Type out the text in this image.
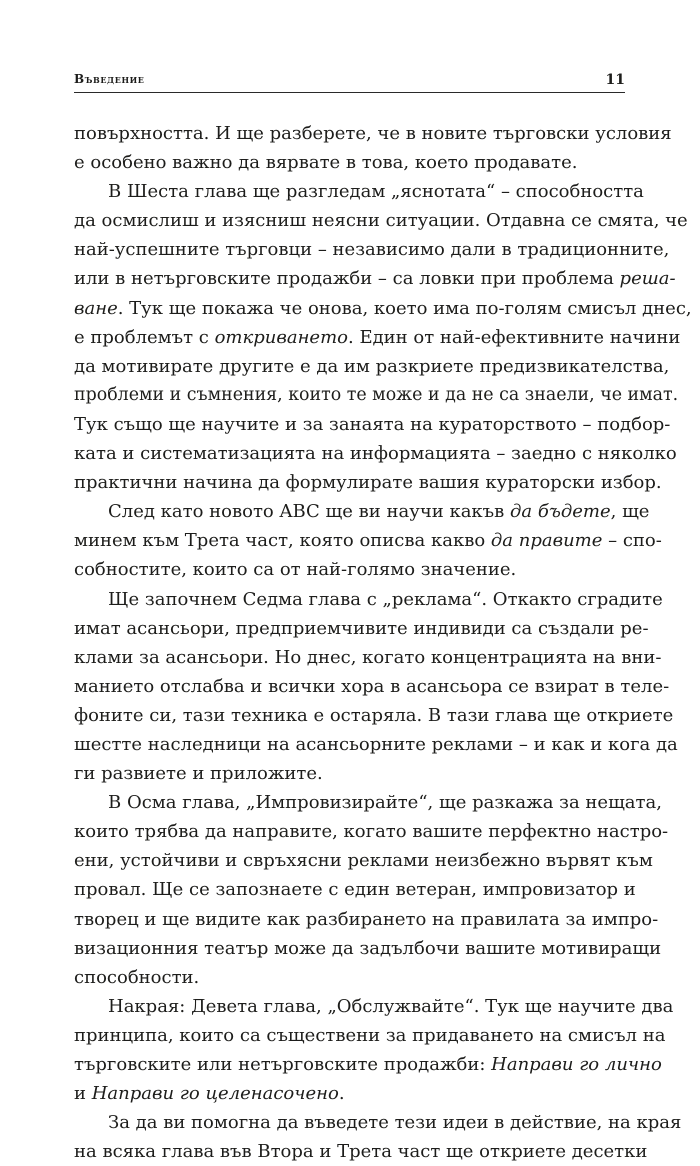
Въведение	11
повърхността. И ще разберете, че в новите търговски условия
е особено важно да вярвате в това, което продавате.
В Шеста глава ще разгледам „яснотата“ – способността
да осмислиш и изясниш неясни ситуации. Отдавна се смята, че
най-успешните търговци – независимо дали в традиционните,
или в нетърговските продажби – са ловки при проблема реша-
ване. Тук ще покажа че онова, което има по-голям смисъл днес,
е проблемът с откриването. Един от най-ефективните начини
да мотивирате другите е да им разкриете предизвикателства,
проблеми и съмнения, които те може и да не са знаели, че имат.
Тук също ще научите и за занаята на кураторството – подбор-
ката и систематизацията на информацията – заедно с няколко
практични начина да формулирате вашия кураторски избор.
След като новото ABC ще ви научи какъв да бъдете, ще
минем към Трета част, която описва какво да правите – спо-
собностите, които са от най-голямо значение.
Ще започнем Седма глава с „реклама“. Откакто сградите
имат асансьори, предприемчивите индивиди са създали ре-
клами за асансьори. Но днес, когато концентрацията на вни-
манието отслабва и всички хора в асансьора се взират в теле-
фоните си, тази техника е остаряла. В тази глава ще откриете
шестте наследници на асансьорните реклами – и как и кога да
ги развиете и приложите.
В Осма глава, „Импровизирайте“, ще разкажа за нещата,
които трябва да направите, когато вашите перфектно настро-
ени, устойчиви и свръхясни реклами неизбежно вървят към
провал. Ще се запознаете с един ветеран, импровизатор и
творец и ще видите как разбирането на правилата за импро-
визационния театър може да задълбочи вашите мотивиращи
способности.
Накрая: Девета глава, „Обслужвайте“. Тук ще научите два
принципа, които са съществени за придаването на смисъл на
търговските или нетърговските продажби: Направи го лично
и Направи го целенасочено.
За да ви помогна да въведете тези идеи в действие, на края
на всяка глава във Втора и Трета част ще откриете десетки
